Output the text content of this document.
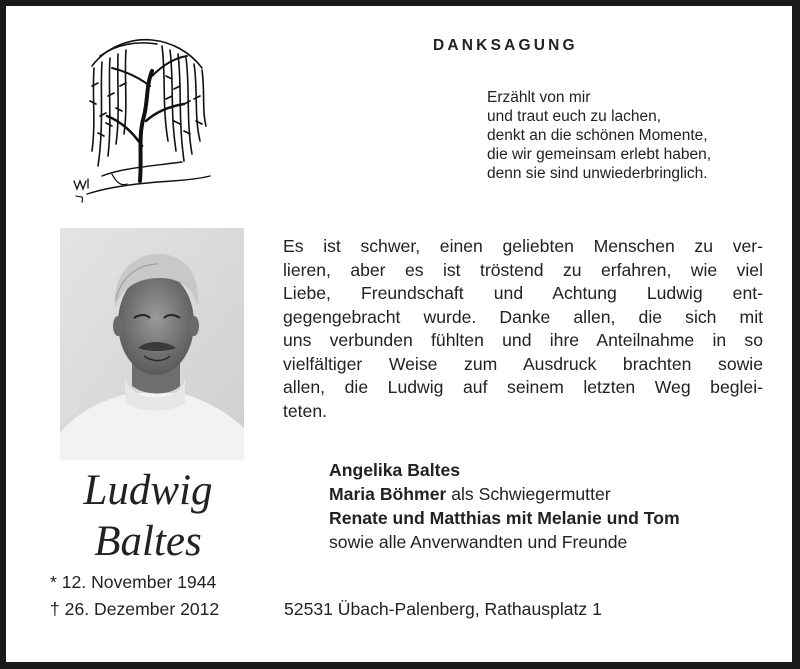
DANKSAGUNG
Erzählt von mir
und traut euch zu lachen,
denkt an die schönen Momente,
die wir gemeinsam erlebt haben,
denn sie sind unwiederbringlich.
Ludwig
Baltes
* 12. November 1944
† 26. Dezember 2012
Es ist schwer, einen geliebten Menschen zu ver-
lieren, aber es ist tröstend zu erfahren, wie viel
Liebe, Freundschaft und Achtung Ludwig ent-
gegengebracht wurde. Danke allen, die sich mit
uns verbunden fühlten und ihre Anteilnahme in so
vielfältiger Weise zum Ausdruck brachten sowie
allen, die Ludwig auf seinem letzten Weg beglei-
teten.
Angelika Baltes
Maria Böhmer als Schwiegermutter
Renate und Matthias mit Melanie und Tom
sowie alle Anverwandten und Freunde
52531 Übach-Palenberg, Rathausplatz 1
